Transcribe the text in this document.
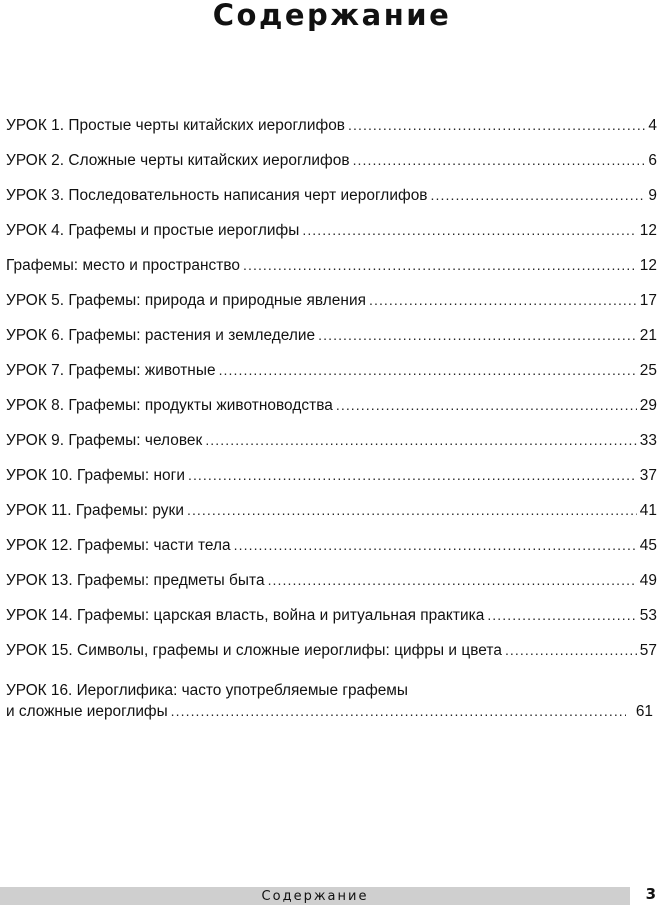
Содержание
УРОК 1. Простые черты китайских иероглифов . . .	4
УРОК 2. Сложные черты китайских иероглифов . . .	6
УРОК 3. Последовательность написания черт иероглифов . . .	9
УРОК 4. Графемы и простые иероглифы . . .	12
Графемы: место и пространство . . .	12
УРОК 5. Графемы: природа и природные явления . . .	17
УРОК 6. Графемы: растения и земледелие . . .	21
УРОК 7. Графемы: животные . . .	25
УРОК 8. Графемы: продукты животноводства . . .	29
УРОК 9. Графемы: человек . . .	33
УРОК 10. Графемы: ноги . . .	37
УРОК 11. Графемы: руки . . .	41
УРОК 12. Графемы: части тела . . .	45
УРОК 13. Графемы: предметы быта . . .	49
УРОК 14. Графемы: царская власть, война и ритуальная практика . . .	53
УРОК 15. Символы, графемы и сложные иероглифы: цифры и цвета . . .	57
УРОК 16. Иероглифика: часто употребляемые графемы
и сложные иероглифы . . .	61
Содержание	3
